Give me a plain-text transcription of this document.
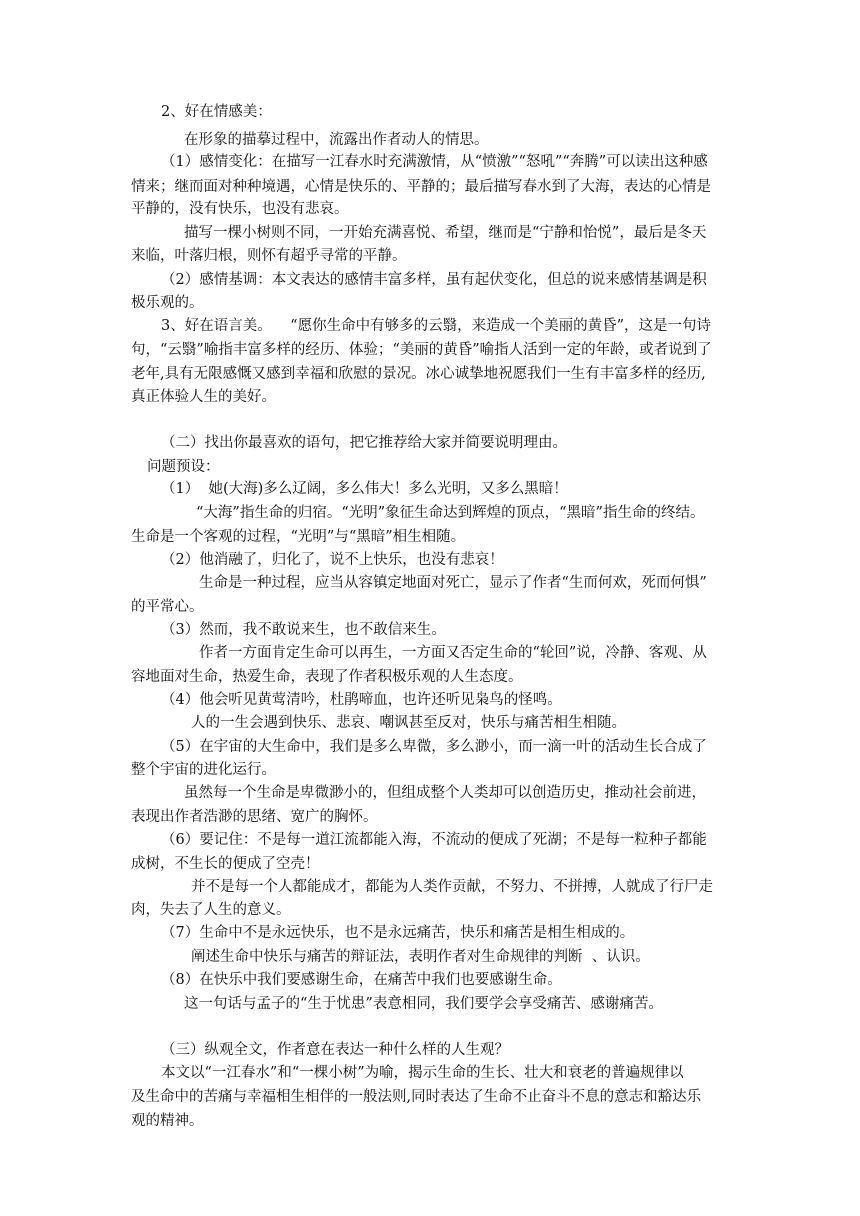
2、好在情感美：
在形象的描摹过程中，流露出作者动人的情思。
（1）感情变化：在描写一江春水时充满激情，从“愤激”“怒吼”“奔腾”可以读出这种感
情来；继而面对种种境遇，心情是快乐的、平静的；最后描写春水到了大海，表达的心情是
平静的，没有快乐，也没有悲哀。
描写一棵小树则不同，一开始充满喜悦、希望，继而是“宁静和怡悦”，最后是冬天
来临，叶落归根，则怀有超乎寻常的平静。
（2）感情基调：本文表达的感情丰富多样，虽有起伏变化，但总的说来感情基调是积
极乐观的。
3、好在语言美。    “愿你生命中有够多的云翳，来造成一个美丽的黄昏”，这是一句诗
句，“云翳”喻指丰富多样的经历、体验；“美丽的黄昏”喻指人活到一定的年龄，或者说到了
老年,具有无限感慨又感到幸福和欣慰的景况。冰心诚挚地祝愿我们一生有丰富多样的经历,
真正体验人生的美好。
（二）找出你最喜欢的语句，把它推荐给大家并简要说明理由。
问题预设：
（1）  她(大海)多么辽阔，多么伟大！多么光明，又多么黑暗！
“大海”指生命的归宿。“光明”象征生命达到辉煌的顶点，“黑暗”指生命的终结。
生命是一个客观的过程，“光明”与“黑暗”相生相随。
（2）他消融了，归化了，说不上快乐，也没有悲哀！
生命是一种过程，应当从容镇定地面对死亡，显示了作者“生而何欢，死而何惧”
的平常心。
（3）然而，我不敢说来生，也不敢信来生。
作者一方面肯定生命可以再生，一方面又否定生命的“轮回”说，冷静、客观、从
容地面对生命，热爱生命，表现了作者积极乐观的人生态度。
（4）他会听见黄莺清吟，杜鹃啼血，也许还听见枭鸟的怪鸣。
人的一生会遇到快乐、悲哀、嘲讽甚至反对，快乐与痛苦相生相随。
（5）在宇宙的大生命中，我们是多么卑微，多么渺小，而一滴一叶的活动生长合成了
整个宇宙的进化运行。
虽然每一个生命是卑微渺小的，但组成整个人类却可以创造历史，推动社会前进，
表现出作者浩渺的思绪、宽广的胸怀。
（6）要记住：不是每一道江流都能入海，不流动的便成了死湖；不是每一粒种子都能
成树，不生长的便成了空壳！
并不是每一个人都能成才，都能为人类作贡献，不努力、不拼搏，人就成了行尸走
肉，失去了人生的意义。
（7）生命中不是永远快乐，也不是永远痛苦，快乐和痛苦是相生相成的。
阐述生命中快乐与痛苦的辩证法，表明作者对生命规律的判断  、认识。
（8）在快乐中我们要感谢生命，在痛苦中我们也要感谢生命。
这一句话与孟子的“生于忧患”表意相同，我们要学会享受痛苦、感谢痛苦。
（三）纵观全文，作者意在表达一种什么样的人生观？
本文以“一江春水”和“一棵小树”为喻，揭示生命的生长、壮大和衰老的普遍规律以
及生命中的苦痛与幸福相生相伴的一般法则,同时表达了生命不止奋斗不息的意志和豁达乐
观的精神。
